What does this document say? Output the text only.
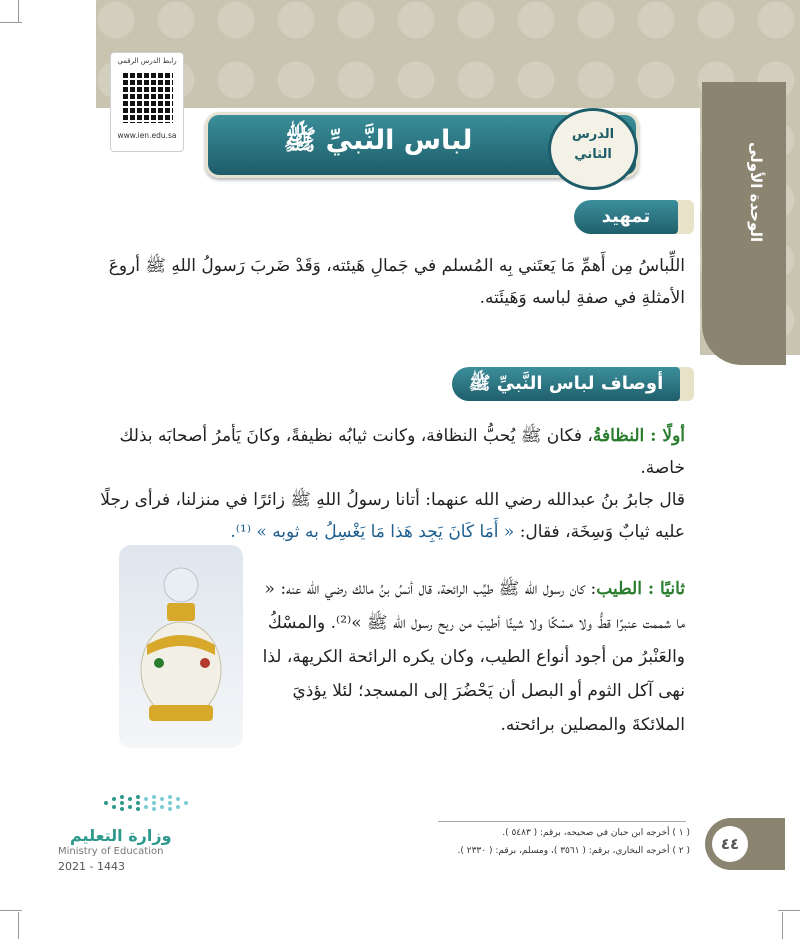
الوحدة الأولى
رابط الدرس الرقمي
www.ien.edu.sa	لباس النَّبيِّ ﷺ	الدرس
الثاني
تمهيد
اللِّباسُ مِن أَهمِّ مَا يَعتَني بِه المُسلم في جَمالِ هَيئته، وَقَدْ ضَربَ رَسولُ اللهِ ﷺ أروعَ الأمثلةِ في صفةِ لباسه وَهَيئَته.
أوصاف لباس النَّبيِّ ﷺ
أولًا : النظافةُ، فكان ﷺ يُحبُّ النظافة، وكانت ثيابُه نظيفةً، وكانَ يَأمرُ أصحابَه بذلك خاصة.
قال جابرُ بنُ عبدالله رضي الله عنهما: أتانا رسولُ اللهِ ﷺ زائرًا في منزلنا، فرأى رجلًا عليه ثيابٌ وَسِخَة، فقال: « أَمَا كَانَ يَجِد هَذا مَا يَغْسِلُ به ثوبه » ⁽¹⁾.
ثانيًا : الطيب: كان رسول الله ﷺ طيِّب الرائحة، قال أنسُ بنُ مالك رضي الله عنه: « ما شممت عنبرًا قطُّ ولا مسْكًا ولا شيئًا أطيبَ من ريح رسول الله ﷺ »⁽²⁾. والمسْكُ والعَنْبرُ من أجود أنواع الطيب، وكان يكره الرائحة الكريهة، لذا نهى آكل الثوم أو البصل أن يَحْضُرَ إلى المسجد؛ لئلا يؤذيَ الملائكةَ والمصلين برائحته.
( ١ ) أخرجه ابن حبان في صحيحه، برقم: ( ٥٤٨٣ ).
( ٢ ) أخرجه البخاري، برقم: ( ٣٥٦١ )، ومسلم، برقم: ( ٢٣٣٠ ).	٤٤
وزارة التعليم
Ministry of Education
2021 - 1443
